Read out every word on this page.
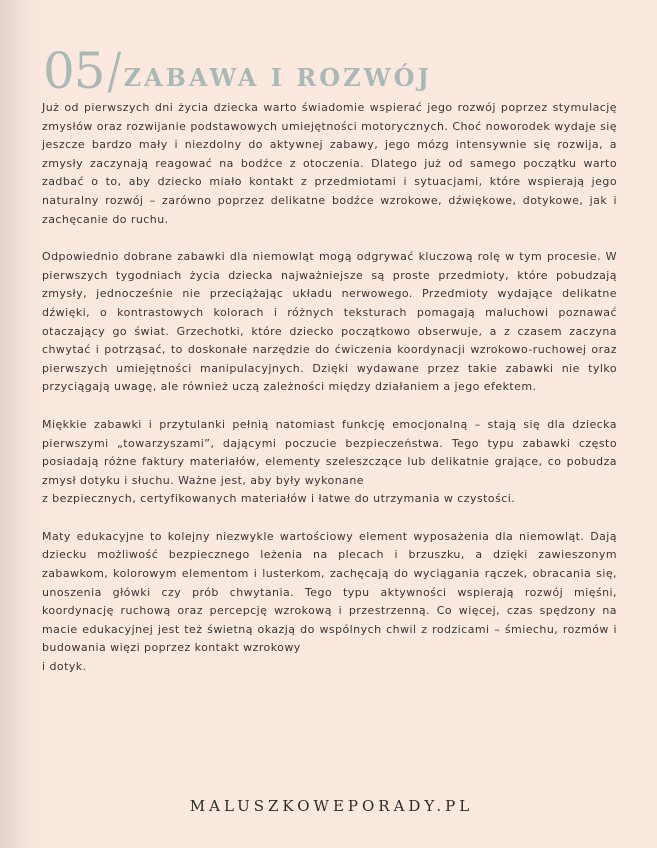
05 / ZABAWA I ROZWÓJ

Już od pierwszych dni życia dziecka warto świadomie wspierać jego rozwój poprzez stymulację zmysłów oraz rozwijanie podstawowych umiejętności motorycznych. Choć noworodek wydaje się jeszcze bardzo mały i niezdolny do aktywnej zabawy, jego mózg intensywnie się rozwija, a zmysły zaczynają reagować na bodźce z otoczenia. Dlatego już od samego początku warto zadbać o to, aby dziecko miało kontakt z przedmiotami i sytuacjami, które wspierają jego naturalny rozwój – zarówno poprzez delikatne bodźce wzrokowe, dźwiękowe, dotykowe, jak i zachęcanie do ruchu.

Odpowiednio dobrane zabawki dla niemowląt mogą odgrywać kluczową rolę w tym procesie. W pierwszych tygodniach życia dziecka najważniejsze są proste przedmioty, które pobudzają zmysły, jednocześnie nie przeciążając układu nerwowego. Przedmioty wydające delikatne dźwięki, o kontrastowych kolorach i różnych teksturach pomagają maluchowi poznawać otaczający go świat. Grzechotki, które dziecko początkowo obserwuje, a z czasem zaczyna chwytać i potrząsać, to doskonałe narzędzie do ćwiczenia koordynacji wzrokowo-ruchowej oraz pierwszych umiejętności manipulacyjnych. Dzięki wydawane przez takie zabawki nie tylko przyciągają uwagę, ale również uczą zależności między działaniem a jego efektem.

Miękkie zabawki i przytulanki pełnią natomiast funkcję emocjonalną – stają się dla dziecka pierwszymi „towarzyszami”, dającymi poczucie bezpieczeństwa. Tego typu zabawki często posiadają różne faktury materiałów, elementy szeleszczące lub delikatnie grające, co pobudza zmysł dotyku i słuchu. Ważne jest, aby były wykonane
z bezpiecznych, certyfikowanych materiałów i łatwe do utrzymania w czystości.

Maty edukacyjne to kolejny niezwykle wartościowy element wyposażenia dla niemowląt. Dają dziecku możliwość bezpiecznego leżenia na plecach i brzuszku, a dzięki zawieszonym zabawkom, kolorowym elementom i lusterkom, zachęcają do wyciągania rączek, obracania się, unoszenia główki czy prób chwytania. Tego typu aktywności wspierają rozwój mięśni, koordynację ruchową oraz percepcję wzrokową i przestrzenną. Co więcej, czas spędzony na macie edukacyjnej jest też świetną okazją do wspólnych chwil z rodzicami – śmiechu, rozmów i budowania więzi poprzez kontakt wzrokowy
i dotyk.

MALUSZKOWEPORADY.PL
